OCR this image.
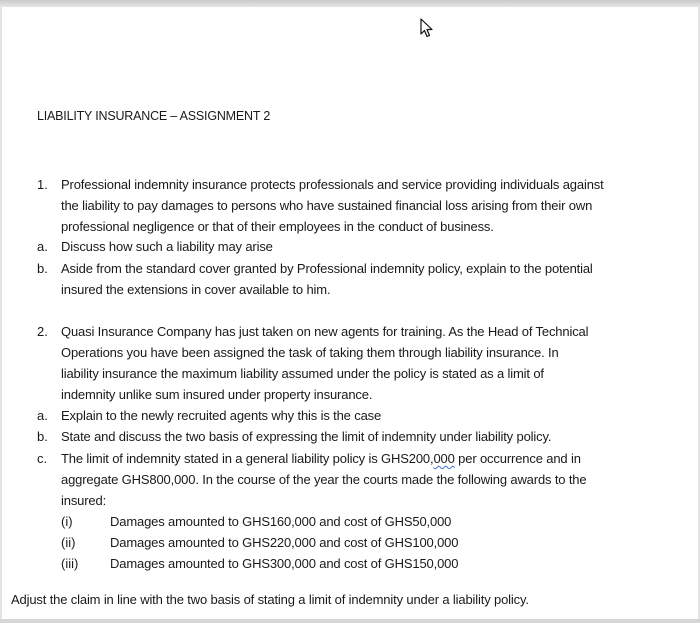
LIABILITY INSURANCE – ASSIGNMENT 2
1. Professional indemnity insurance protects professionals and service providing individuals against
the liability to pay damages to persons who have sustained financial loss arising from their own
professional negligence or that of their employees in the conduct of business.
a. Discuss how such a liability may arise
b. Aside from the standard cover granted by Professional indemnity policy, explain to the potential
insured the extensions in cover available to him.
2. Quasi Insurance Company has just taken on new agents for training. As the Head of Technical
Operations you have been assigned the task of taking them through liability insurance. In
liability insurance the maximum liability assumed under the policy is stated as a limit of
indemnity unlike sum insured under property insurance.
a. Explain to the newly recruited agents why this is the case
b. State and discuss the two basis of expressing the limit of indemnity under liability policy.
c. The limit of indemnity stated in a general liability policy is GHS200,000 per occurrence and in
aggregate GHS800,000. In the course of the year the courts made the following awards to the
insured:
(i)	Damages amounted to GHS160,000 and cost of GHS50,000
(ii)	Damages amounted to GHS220,000 and cost of GHS100,000
(iii) Damages amounted to GHS300,000 and cost of GHS150,000
Adjust the claim in line with the two basis of stating a limit of indemnity under a liability policy.
